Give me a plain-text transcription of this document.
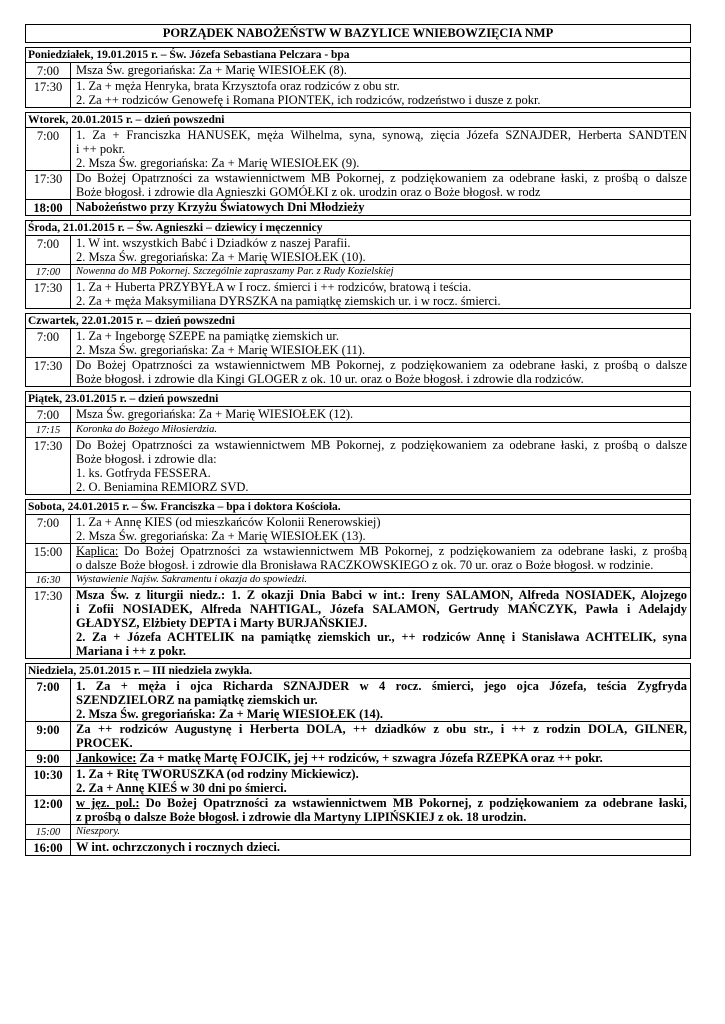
PORZĄDEK NABOŻEŃSTW W BAZYLICE WNIEBOWZIĘCIA NMP
Poniedziałek, 19.01.2015 r. – Św. Józefa Sebastiana Pelczara - bpa
7:00	Msza Św. gregoriańska: Za + Marię WIESIOŁEK (8).
17:30	1. Za + męża Henryka, brata Krzysztofa oraz rodziców z obu str.
2. Za ++ rodziców Genowefę i Romana PIONTEK, ich rodziców, rodzeństwo i dusze z pokr.
Wtorek, 20.01.2015 r. – dzień powszedni
7:00	1. Za + Franciszka HANUSEK, męża Wilhelma, syna, synową, zięcia Józefa SZNAJDER, Herberta SANDTEN
i ++ pokr.
2. Msza Św. gregoriańska: Za + Marię WIESIOŁEK (9).
17:30	Do Bożej Opatrzności za wstawiennictwem MB Pokornej, z podziękowaniem za odebrane łaski, z prośbą o dalsze
Boże błogosł. i zdrowie dla Agnieszki GOMÓŁKI z ok. urodzin oraz o Boże błogosł. w rodz
18:00	Nabożeństwo przy Krzyżu Światowych Dni Młodzieży
Środa, 21.01.2015 r. – Św. Agnieszki – dziewicy i męczennicy
7:00	1. W int. wszystkich Babć i Dziadków z naszej Parafii.
2. Msza Św. gregoriańska: Za + Marię WIESIOŁEK (10).
17:00	Nowenna do MB Pokornej. Szczególnie zapraszamy Par. z Rudy Kozielskiej
17:30	1. Za + Huberta PRZYBYŁA w I rocz. śmierci i ++ rodziców, bratową i teścia.
2. Za + męża Maksymiliana DYRSZKA na pamiątkę ziemskich ur. i w rocz. śmierci.
Czwartek, 22.01.2015 r. – dzień powszedni
7:00	1. Za + Ingeborgę SZEPE na pamiątkę ziemskich ur.
2. Msza Św. gregoriańska: Za + Marię WIESIOŁEK (11).
17:30	Do Bożej Opatrzności za wstawiennictwem MB Pokornej, z podziękowaniem za odebrane łaski, z prośbą o dalsze
Boże błogosł. i zdrowie dla Kingi GLOGER z ok. 10 ur. oraz o Boże błogosł. i zdrowie dla rodziców.
Piątek, 23.01.2015 r. – dzień powszedni
7:00	Msza Św. gregoriańska: Za + Marię WIESIOŁEK (12).
17:15	Koronka do Bożego Miłosierdzia.
17:30	Do Bożej Opatrzności za wstawiennictwem MB Pokornej, z podziękowaniem za odebrane łaski, z prośbą o dalsze
Boże błogosł. i zdrowie dla:
1. ks. Gotfryda FESSERA.
2. O. Beniamina REMIORZ SVD.
Sobota, 24.01.2015 r. – Św. Franciszka – bpa i doktora Kościoła.
7:00	1. Za + Annę KIES (od mieszkańców Kolonii Renerowskiej)
2. Msza Św. gregoriańska: Za + Marię WIESIOŁEK (13).
15:00	Kaplica: Do Bożej Opatrzności za wstawiennictwem MB Pokornej, z podziękowaniem za odebrane łaski, z prośbą
o dalsze Boże błogosł. i zdrowie dla Bronisława RACZKOWSKIEGO z ok. 70 ur. oraz o Boże błogosł. w rodzinie.
16:30	Wystawienie Najśw. Sakramentu i okazja do spowiedzi.
17:30	Msza Św. z liturgii niedz.: 1. Z okazji Dnia Babci w int.: Ireny SALAMON, Alfreda NOSIADEK, Alojzego
i Zofii NOSIADEK, Alfreda NAHTIGAL, Józefa SALAMON, Gertrudy MAŃCZYK, Pawła i Adelajdy
GŁADYSZ, Elżbiety DEPTA i Marty BURJAŃSKIEJ.
2. Za + Józefa ACHTELIK na pamiątkę ziemskich ur., ++ rodziców Annę i Stanisława ACHTELIK, syna
Mariana i ++ z pokr.
Niedziela, 25.01.2015 r. – III niedziela zwykła.
7:00	1. Za + męża i ojca Richarda SZNAJDER w 4 rocz. śmierci, jego ojca Józefa, teścia Zygfryda
SZENDZIELORZ na pamiątkę ziemskich ur.
2. Msza Św. gregoriańska: Za + Marię WIESIOŁEK (14).
9:00	Za ++ rodziców Augustynę i Herberta DOLA, ++ dziadków z obu str., i ++ z rodzin DOLA, GILNER,
PROCEK.
9:00	Jankowice: Za + matkę Martę FOJCIK, jej ++ rodziców, + szwagra Józefa RZEPKA oraz ++ pokr.
10:30	1. Za + Ritę TWORUSZKA (od rodziny Mickiewicz).
2. Za + Annę KIEŚ w 30 dni po śmierci.
12:00	w jęz. pol.: Do Bożej Opatrzności za wstawiennictwem MB Pokornej, z podziękowaniem za odebrane łaski,
z prośbą o dalsze Boże błogosł. i zdrowie dla Martyny LIPIŃSKIEJ z ok. 18 urodzin.
15:00	Nieszpory.
16:00	W int. ochrzczonych i rocznych dzieci.
